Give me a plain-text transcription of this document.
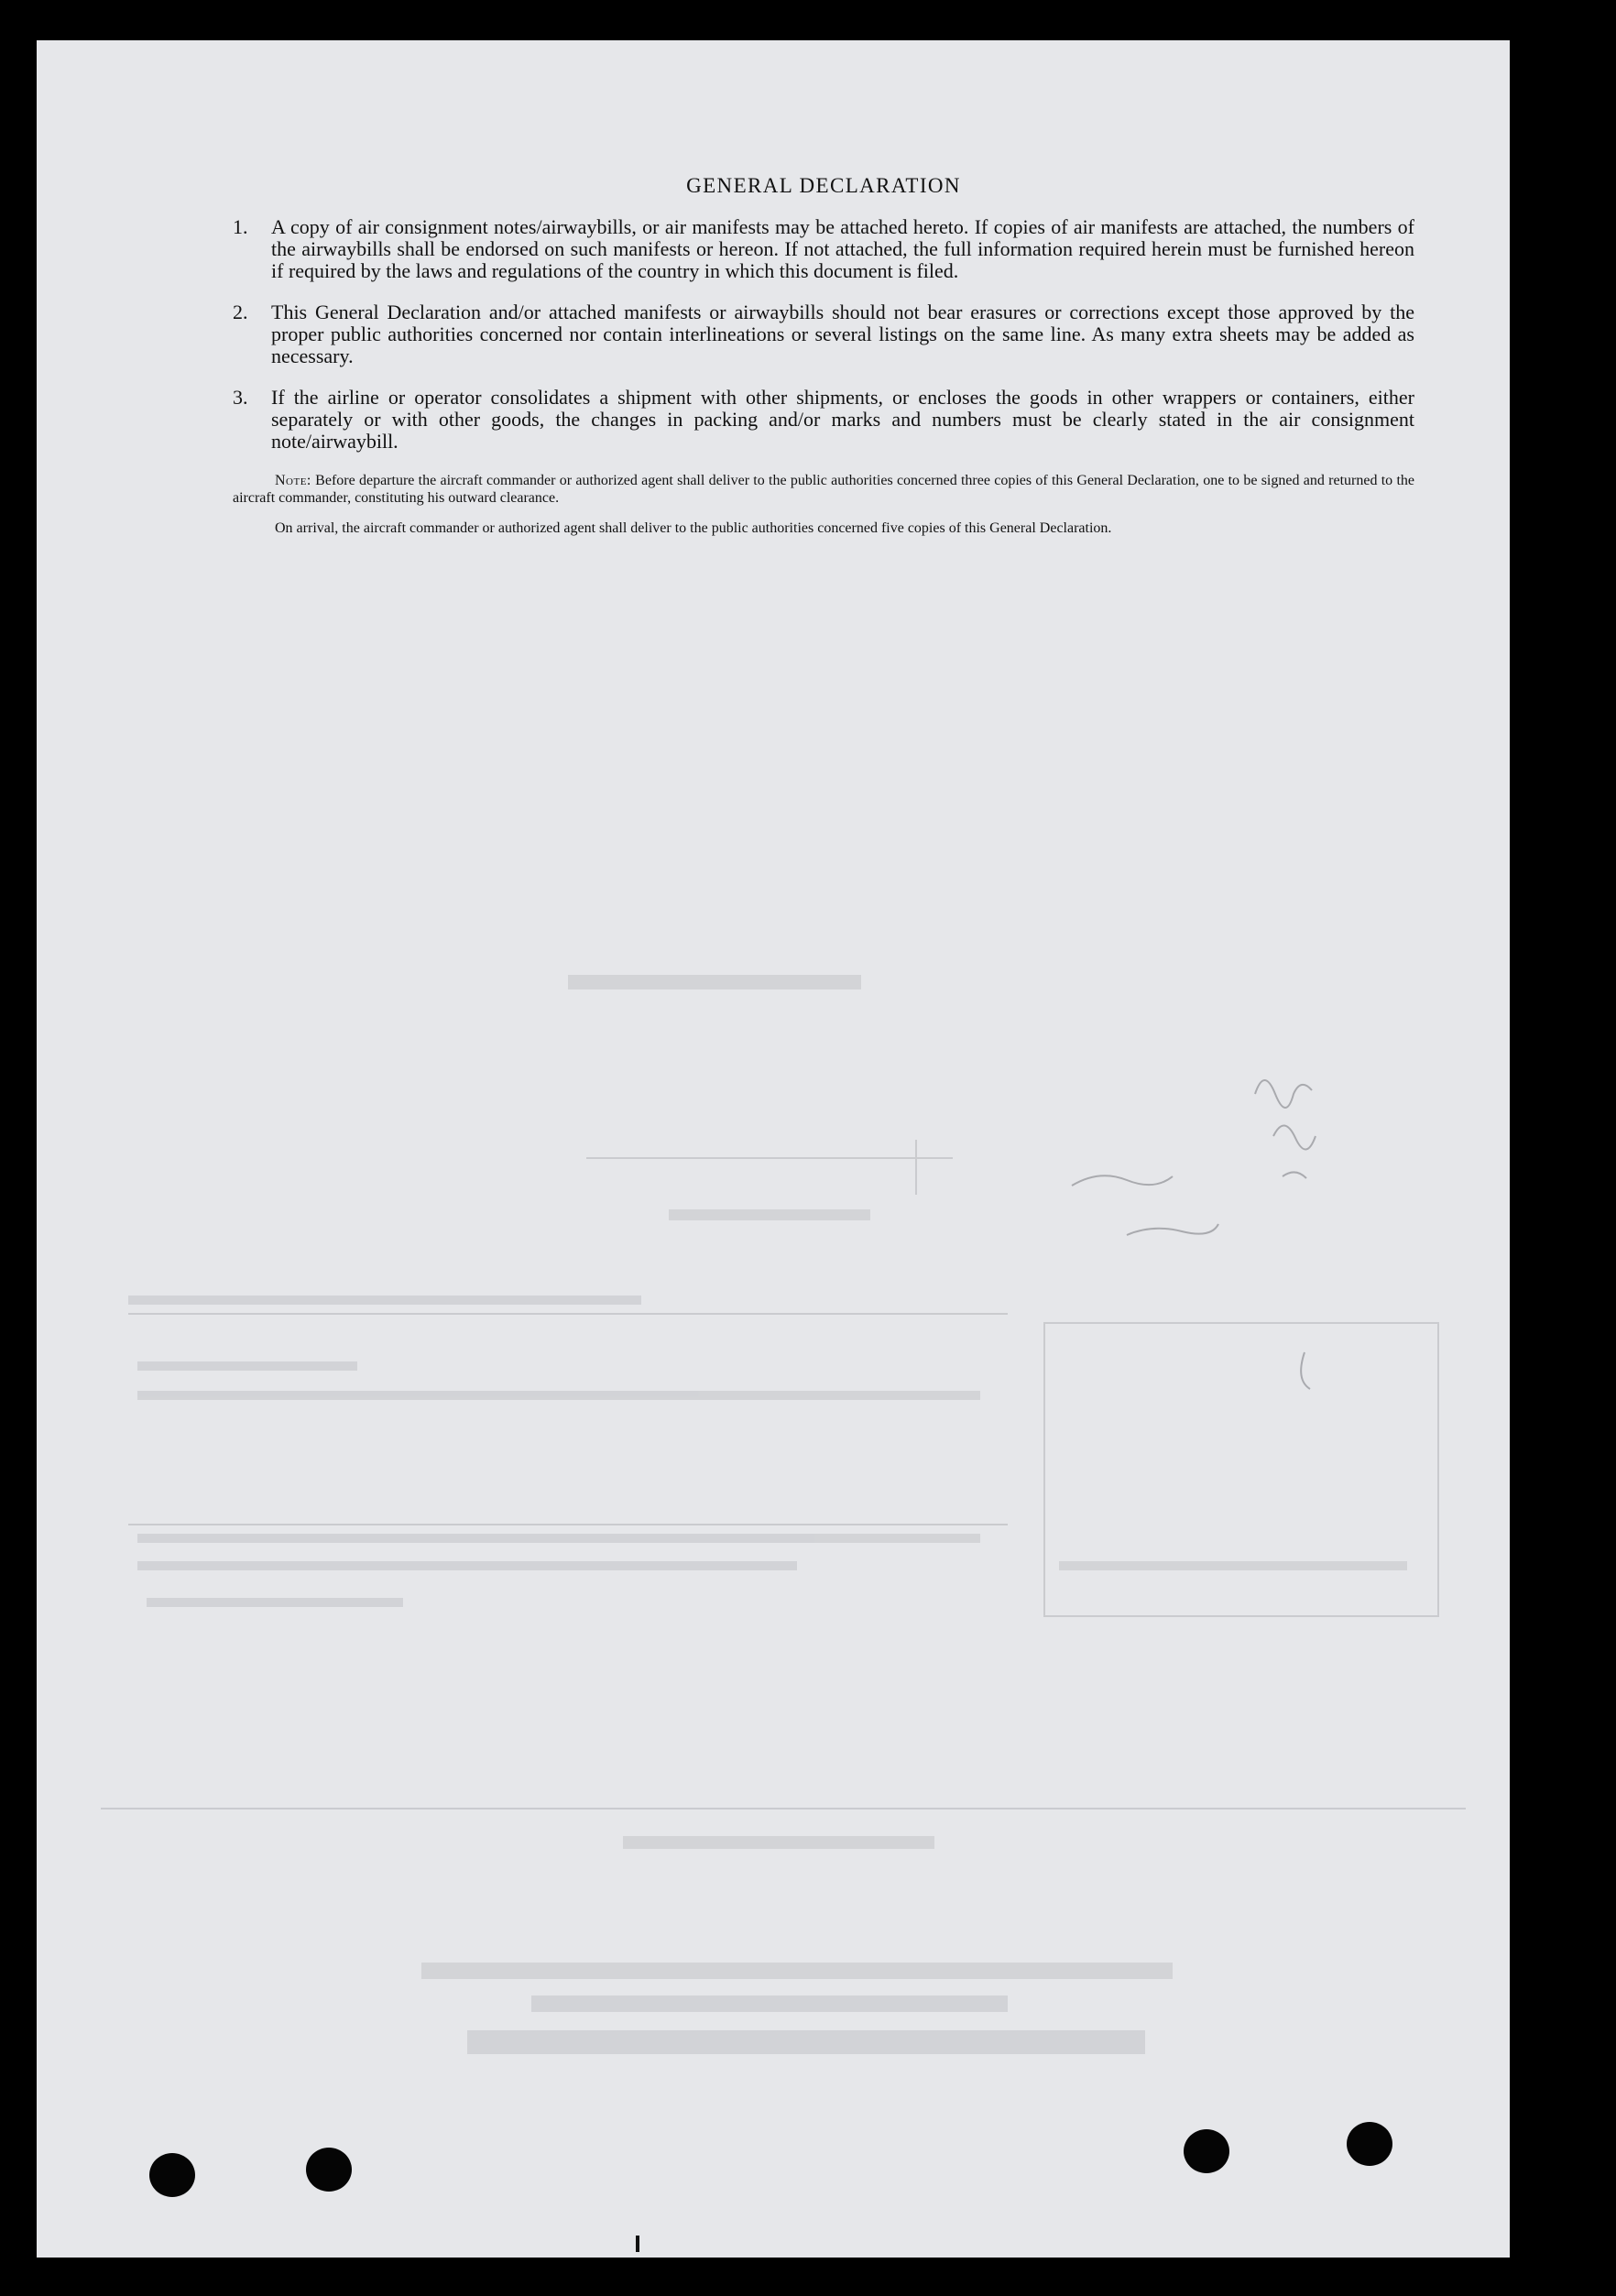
GENERAL DECLARATION
1.	A copy of air consignment notes/airwaybills, or air manifests may be attached hereto. If copies of air manifests are attached, the numbers of the airwaybills shall be endorsed on such manifests or hereon. If not attached, the full information required herein must be furnished hereon if required by the laws and regulations of the country in which this document is filed.
2.	This General Declaration and/or attached manifests or airwaybills should not bear erasures or corrections except those approved by the proper public authorities concerned nor contain interlineations or several listings on the same line. As many extra sheets may be added as necessary.
3.	If the airline or operator consolidates a shipment with other shipments, or encloses the goods in other wrappers or containers, either separately or with other goods, the changes in packing and/or marks and numbers must be clearly stated in the air consignment note/airwaybill.

Note: Before departure the aircraft commander or authorized agent shall deliver to the public authorities concerned three copies of this General Declaration, one to be signed and returned to the aircraft commander, constituting his outward clearance.

On arrival, the aircraft commander or authorized agent shall deliver to the public authorities concerned five copies of this General Declaration.
